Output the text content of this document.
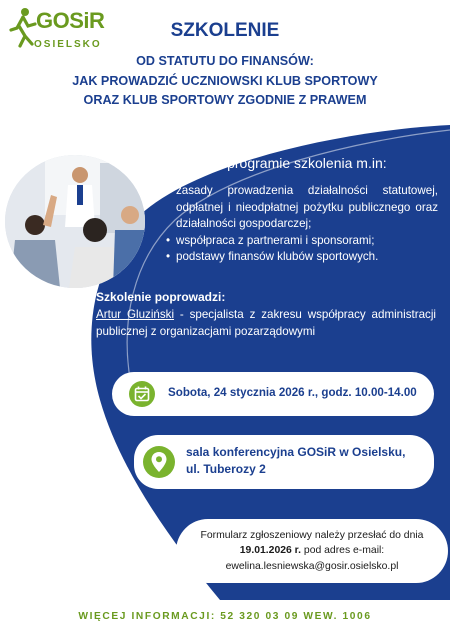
GOSiR
OSIELSKO
SZKOLENIE
OD STATUTU DO FINANSÓW:
JAK PROWADZIĆ UCZNIOWSKI KLUB SPORTOWY
ORAZ KLUB SPORTOWY ZGODNIE Z PRAWEM
W programie szkolenia m.in:
• zasady prowadzenia działalności statutowej, odpłatnej i nieodpłatnej pożytku publicznego oraz działalności gospodarczej;
• współpraca z partnerami i sponsorami;
• podstawy finansów klubów sportowych.
Szkolenie poprowadzi:
Artur Gluziński - specjalista z zakresu współpracy administracji publicznej z organizacjami pozarządowymi
Sobota, 24 stycznia 2026 r., godz. 10.00-14.00
sala konferencyjna GOSiR w Osielsku,
ul. Tuberozy 2
Formularz zgłoszeniowy należy przesłać do dnia
19.01.2026 r. pod adres e-mail:
ewelina.lesniewska@gosir.osielsko.pl
WIĘCEJ INFORMACJI: 52 320 03 09 WEW. 1006
